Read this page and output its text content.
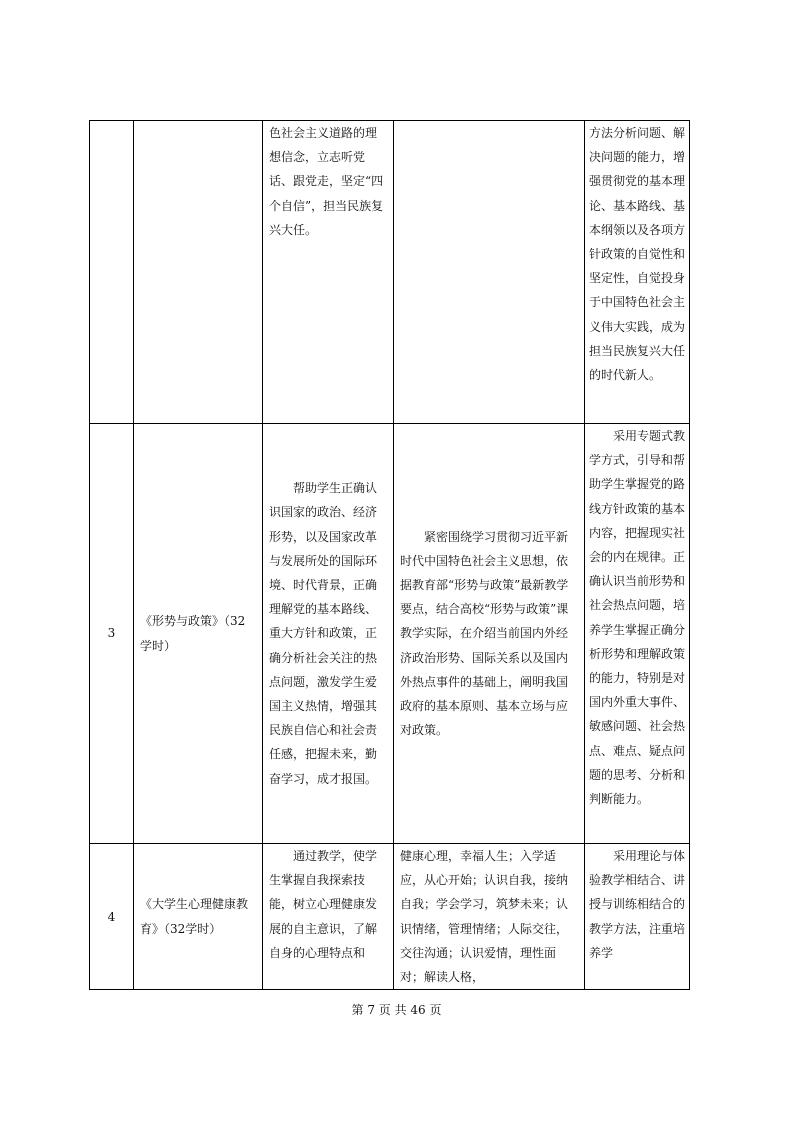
		色社会主义道路的理想信念，立志听党话、跟党走，坚定“四个自信”，担当民族复兴大任。		方法分析问题、解决问题的能力，增强贯彻党的基本理论、基本路线、基本纲领以及各项方针政策的自觉性和坚定性，自觉投身于中国特色社会主义伟大实践，成为担当民族复兴大任的时代新人。
3	《形势与政策》（32学时）	帮助学生正确认识国家的政治、经济形势，以及国家改革与发展所处的国际环境、时代背景，正确理解党的基本路线、重大方针和政策，正确分析社会关注的热点问题，激发学生爱国主义热情，增强其民族自信心和社会责任感，把握未来，勤奋学习，成才报国。	紧密围绕学习贯彻习近平新时代中国特色社会主义思想，依据教育部“形势与政策”最新教学要点，结合高校“形势与政策”课教学实际，在介绍当前国内外经济政治形势、国际关系以及国内外热点事件的基础上，阐明我国政府的基本原则、基本立场与应对政策。	采用专题式教学方式，引导和帮助学生掌握党的路线方针政策的基本内容，把握现实社会的内在规律。正确认识当前形势和社会热点问题，培养学生掌握正确分析形势和理解政策的能力，特别是对国内外重大事件、敏感问题、社会热点、难点、疑点问题的思考、分析和判断能力。
4	《大学生心理健康教育》（32学时）	通过教学，使学生掌握自我探索技能，树立心理健康发展的自主意识，了解自身的心理特点和	健康心理，幸福人生；入学适应，从心开始；认识自我，接纳自我；学会学习，筑梦未来；认识情绪，管理情绪；人际交往，交往沟通；认识爱情，理性面对；解读人格，	采用理论与体验教学相结合、讲授与训练相结合的教学方法，注重培养学
第 7 页 共 46 页
